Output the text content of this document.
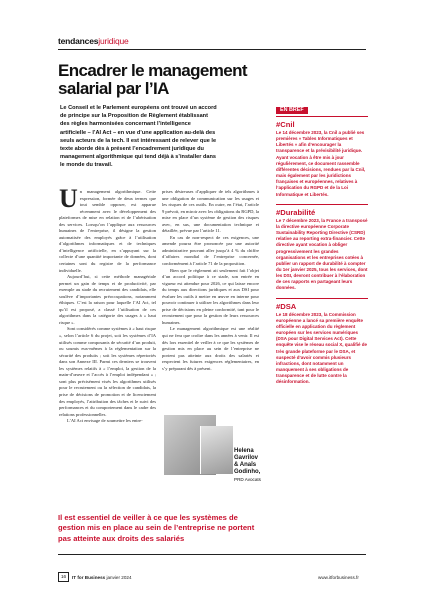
tendancesjuridique
Encadrer le management salarial par l’IA

Le Conseil et le Parlement européens ont trouvé un accord de principe sur la Proposition de Règlement établissant des règles harmonisées concernant l’intelligence artificielle – l’AI Act – en vue d’une application au-delà des seuls acteurs de la tech. Il est intéressant de relever que le texte aborde dès à présent l’encadrement juridique du management algorithmique qui tend déjà à s’installer dans le monde du travail.

Un management algorithmique. Cette expression, formée de deux termes que tout semble opposer, est apparue récemment avec le développement des plateformes de mise en relation et de l’ubérisation des services. Lorsqu’on l’applique aux ressources humaines de l’entreprise, il désigne la gestion automatisée des employés grâce à l’utilisation d’algorithmes informatiques et de techniques d’intelligence artificielle, en s’appuyant sur la collecte d’une quantité importante de données, dont certaines sont du registre de la performance individuelle.

Aujourd’hui, si cette méthode managériale permet un gain de temps et de productivité, par exemple au stade du recrutement des candidats, elle soulève d’importantes préoccupations, notamment éthiques. C’est la raison pour laquelle l’AI Act, tel qu’il est proposé, a classé l’utilisation de ces algorithmes dans la catégorie des usages à « haut risque ».

Sont considérés comme systèmes à « haut risque », selon l’article 6 du projet, soit les systèmes d’IA utilisés comme composants de sécurité d’un produit, ou soumis eux-mêmes à la réglementation sur la sécurité des produits ; soit les systèmes répertoriés dans son Annexe III. Parmi ces derniers se trouvent les systèmes relatifs à « l’emploi, la gestion de la main-d’œuvre et l’accès à l’emploi indépendant » ; sont plus précisément visés les algorithmes utilisés pour le recrutement ou la sélection de candidats, la prise de décisions de promotion et de licenciement des employés, l’attribution des tâches et le suivi des performances et du comportement dans le cadre des relations professionnelles.

L’AI Act envisage de soumettre les entre-

prises désireuses d’appliquer de tels algorithmes à une obligation de communication sur les usages et les risques de ces outils. En outre, en l’état, l’article 9 prévoit, en miroir avec les obligations du RGPD, la mise en place d’un système de gestion des risques avec, en sus, une documentation technique et détaillée, prévue par l’article 11.

En cas de non-respect de ces exigences, une amende pourra être prononcée par une autorité administrative pouvant aller jusqu’à 4 % du chiffre d’affaires mondial de l’entreprise concernée, conformément à l’article 71 de la proposition.

Bien que le règlement ait seulement fait l’objet d’un accord politique à ce stade, son entrée en vigueur est attendue pour 2026, ce qui laisse encore du temps aux directions juridiques et aux DSI pour évaluer les outils à mettre en œuvre en interne pour pouvoir continuer à utiliser les algorithmes dans leur prise de décisions en pleine conformité, tant pour le recrutement que pour la gestion de leurs ressources humaines.

Le management algorithmique est une réalité qui ne fera que croître dans les années à venir. Il est dès lors essentiel de veiller à ce que les systèmes de gestion mis en place au sein de l’entreprise ne portent pas atteinte aux droits des salariés et respectent les futures exigences réglementaires, en s’y préparant dès à présent.

Helena
Gavrilov
& Anaïs
Godinho,
PRD Avocats
Il est essentiel de veiller à ce que les systèmes de gestion mis en place au sein de l’entreprise ne portent pas atteinte aux droits des salariés
EN BREF
#Cnil
Le 14 décembre 2023, la Cnil a publié ses premières « Tables Informatiques et Libertés » afin d’encourager la transparence et la prévisibilité juridique. Ayant vocation à être mis à jour régulièrement, ce document rassemble différentes décisions, rendues par la Cnil, mais également par les juridictions françaises et européennes, relatives à l’application du RGPD et de la Loi Informatique et Libertés.
#Durabilité
Le 7 décembre 2023, la France a transposé la directive européenne Corporate Sustainability Reporting Directive (CSRD) relative au reporting extra-financier. Cette directive ayant vocation à obliger progressivement les grandes organisations et les entreprises cotées à publier un rapport de durabilité à compter du 1er janvier 2025, tous les services, dont les DSI, devront contribuer à l’élaboration de ces rapports en partageant leurs données.
#DSA
Le 18 décembre 2023, la Commission européenne a lancé sa première enquête officielle en application du règlement européen sur les services numériques (DSA pour Digital Services Act). Cette enquête vise le réseau social X, qualifié de très grande plateforme par le DSA, et suspecté d’avoir commis plusieurs infractions, dont notamment un manquement à ses obligations de transparence et de lutte contre la désinformation.
16	IT for Business janvier 2024	www.itforbusiness.fr
